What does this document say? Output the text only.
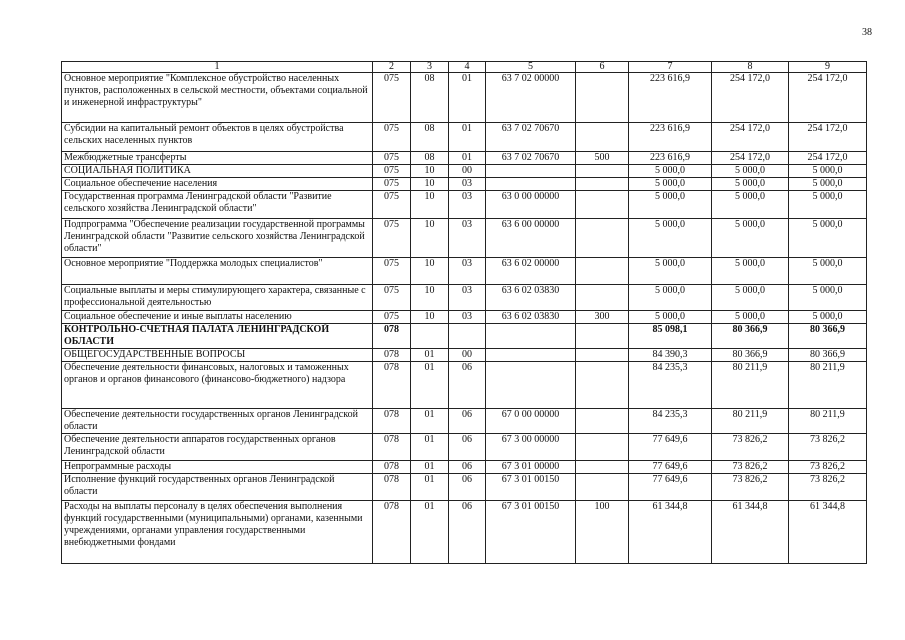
38
1	2	3	4	5	6	7	8	9
Основное мероприятие "Комплексное обустройство населенных пунктов, расположенных в сельской местности, объектами социальной и инженерной инфраструктуры"	075	08	01	63 7 02 00000		223 616,9	254 172,0	254 172,0
Субсидии на капитальный ремонт объектов в целях обустройства сельских населенных пунктов	075	08	01	63 7 02 70670		223 616,9	254 172,0	254 172,0
Межбюджетные трансферты	075	08	01	63 7 02 70670	500	223 616,9	254 172,0	254 172,0
СОЦИАЛЬНАЯ ПОЛИТИКА	075	10	00			5 000,0	5 000,0	5 000,0
Социальное обеспечение населения	075	10	03			5 000,0	5 000,0	5 000,0
Государственная программа Ленинградской области "Развитие сельского хозяйства Ленинградской области"	075	10	03	63 0 00 00000		5 000,0	5 000,0	5 000,0
Подпрограмма "Обеспечение реализации государственной программы Ленинградской области "Развитие сельского хозяйства Ленинградской области"	075	10	03	63 6 00 00000		5 000,0	5 000,0	5 000,0
Основное мероприятие "Поддержка молодых специалистов"	075	10	03	63 6 02 00000		5 000,0	5 000,0	5 000,0
Социальные выплаты и меры стимулирующего характера, связанные с профессиональной деятельностью	075	10	03	63 6 02 03830		5 000,0	5 000,0	5 000,0
Социальное обеспечение и иные выплаты населению	075	10	03	63 6 02 03830	300	5 000,0	5 000,0	5 000,0
КОНТРОЛЬНО-СЧЕТНАЯ ПАЛАТА ЛЕНИНГРАДСКОЙ ОБЛАСТИ	078					85 098,1	80 366,9	80 366,9
ОБЩЕГОСУДАРСТВЕННЫЕ ВОПРОСЫ	078	01	00			84 390,3	80 366,9	80 366,9
Обеспечение деятельности финансовых, налоговых и таможенных органов и органов финансового (финансово-бюджетного) надзора	078	01	06			84 235,3	80 211,9	80 211,9
Обеспечение деятельности государственных органов Ленинградской области	078	01	06	67 0 00 00000		84 235,3	80 211,9	80 211,9
Обеспечение деятельности аппаратов государственных органов Ленинградской области	078	01	06	67 3 00 00000		77 649,6	73 826,2	73 826,2
Непрограммные расходы	078	01	06	67 3 01 00000		77 649,6	73 826,2	73 826,2
Исполнение функций государственных органов Ленинградской области	078	01	06	67 3 01 00150		77 649,6	73 826,2	73 826,2
Расходы на выплаты персоналу в целях обеспечения выполнения функций государственными (муниципальными) органами, казенными учреждениями, органами управления государственными внебюджетными фондами	078	01	06	67 3 01 00150	100	61 344,8	61 344,8	61 344,8
